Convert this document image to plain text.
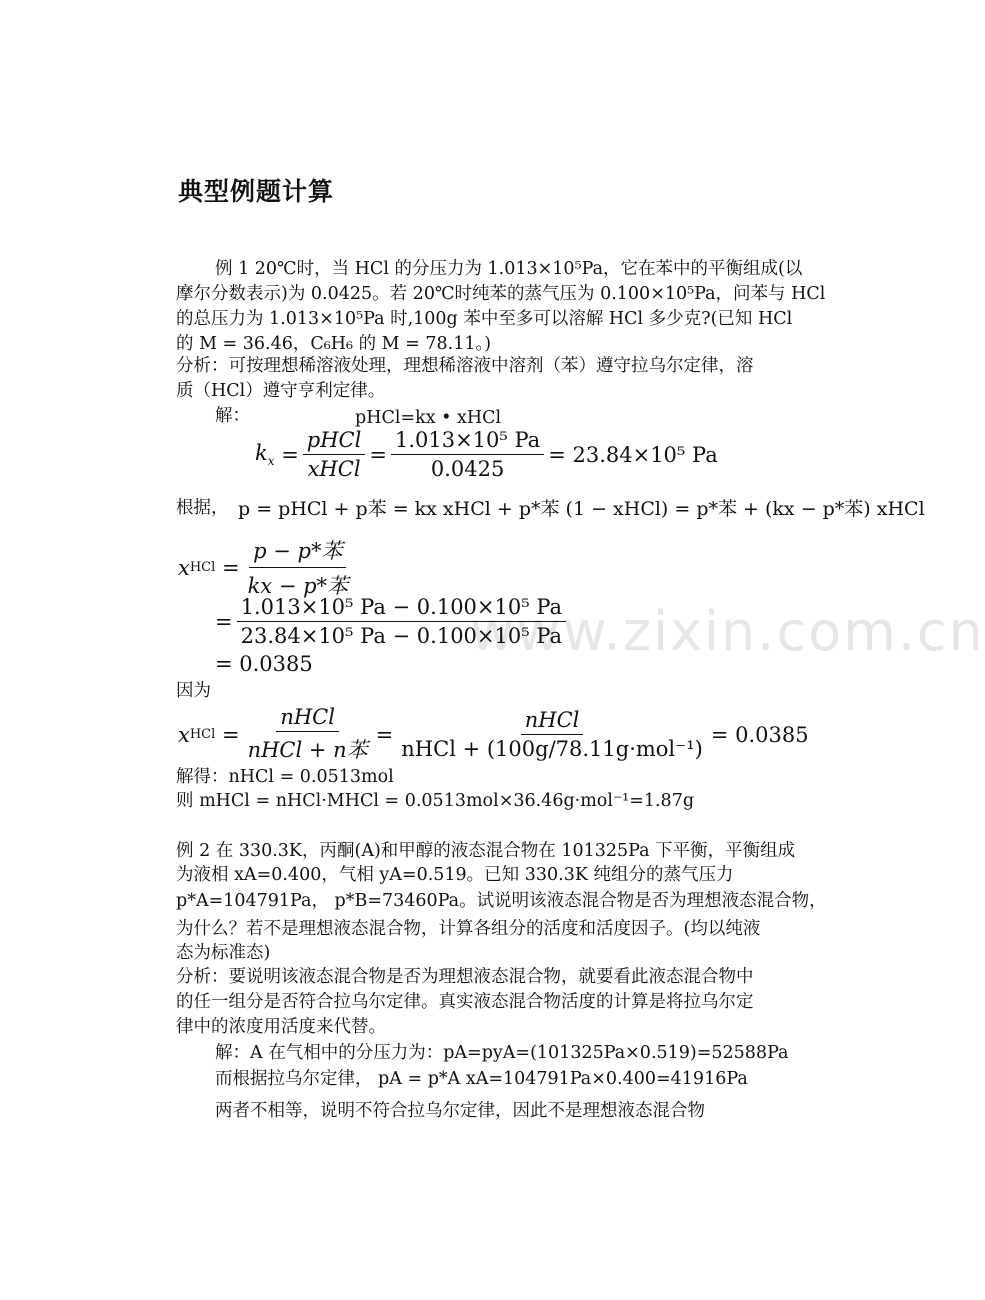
www.zixin.com.cn
典型例题计算
例 1 20℃时，当 HCl 的分压力为 1.013×10⁵Pa，它在苯中的平衡组成(以
摩尔分数表示)为 0.0425。若 20℃时纯苯的蒸气压为 0.100×10⁵Pa，问苯与 HCl
的总压力为 1.013×10⁵Pa 时,100g 苯中至多可以溶解 HCl 多少克?(已知 HCl
的 M = 36.46，C₆H₆ 的 M = 78.11。)
分析：可按理想稀溶液处理，理想稀溶液中溶剂（苯）遵守拉乌尔定律，溶
质（HCl）遵守亨利定律。
解：	pHCl=kx • xHCl
$k_x = \frac{\text{pHCl}}{\text{xHCl}} = \frac{\text{1.013×10⁵ Pa}}{0.0425} = 23.84\times 10^5$ Pa
根据， p = pHCl + p苯 = kx xHCl + p*苯 (1 − xHCl) = p*苯 + (kx − p*苯) xHCl
x HCl = $\frac{\text{p − p*苯}}{\text{kx − p*苯}}$
= $\frac{\text{1.013×10⁵ Pa − 0.100×10⁵ Pa}}{\text{23.84×10⁵ Pa − 0.100×10⁵ Pa}}$
= 0.0385
因为
x HCl = $\frac{\text{nHCl}}{\text{nHCl + n苯}} = \frac{\text{nHCl}}{\text{nHCl + (100g/78.11g·mol⁻¹)}} = 0.0385$
解得：nHCl = 0.0513mol
则 mHCl = nHCl·MHCl = 0.0513mol×36.46g·mol⁻¹=1.87g
例 2 在 330.3K，丙酮(A)和甲醇的液态混合物在 101325Pa 下平衡，平衡组成
为液相 xA=0.400，气相 yA=0.519。已知 330.3K 纯组分的蒸气压力
p*A=104791Pa， p*B=73460Pa。试说明该液态混合物是否为理想液态混合物，
为什么？若不是理想液态混合物，计算各组分的活度和活度因子。(均以纯液
态为标准态)
分析：要说明该液态混合物是否为理想液态混合物，就要看此液态混合物中
的任一组分是否符合拉乌尔定律。真实液态混合物活度的计算是将拉乌尔定
律中的浓度用活度来代替。
解：A 在气相中的分压力为：pA=pyA=(101325Pa×0.519)=52588Pa
而根据拉乌尔定律， pA = p*A xA=104791Pa×0.400=41916Pa
两者不相等，说明不符合拉乌尔定律，因此不是理想液态混合物
